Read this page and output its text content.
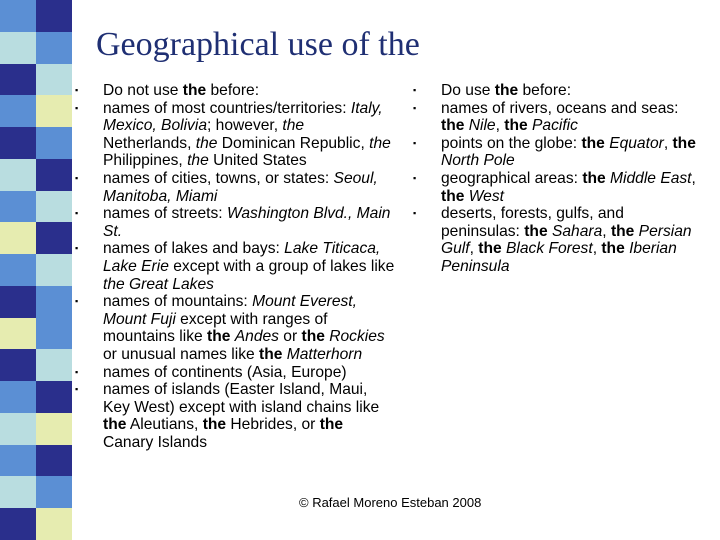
Geographical use of the
▪ Do not use the before:
▪ names of most countries/territories: Italy, Mexico, Bolivia; however, the Netherlands, the Dominican Republic, the Philippines, the United States
▪ names of cities, towns, or states: Seoul, Manitoba, Miami
▪ names of streets: Washington Blvd., Main St.
▪ names of lakes and bays: Lake Titicaca, Lake Erie except with a group of lakes like the Great Lakes
▪ names of mountains: Mount Everest, Mount Fuji except with ranges of mountains like the Andes or the Rockies or unusual names like the Matterhorn
▪ names of continents (Asia, Europe)
▪ names of islands (Easter Island, Maui, Key West) except with island chains like the Aleutians, the Hebrides, or the Canary Islands
▪ Do use the before:
▪ names of rivers, oceans and seas: the Nile, the Pacific
▪ points on the globe: the Equator, the North Pole
▪ geographical areas: the Middle East, the West
▪ deserts, forests, gulfs, and peninsulas: the Sahara, the Persian Gulf, the Black Forest, the Iberian Peninsula
© Rafael Moreno Esteban 2008
